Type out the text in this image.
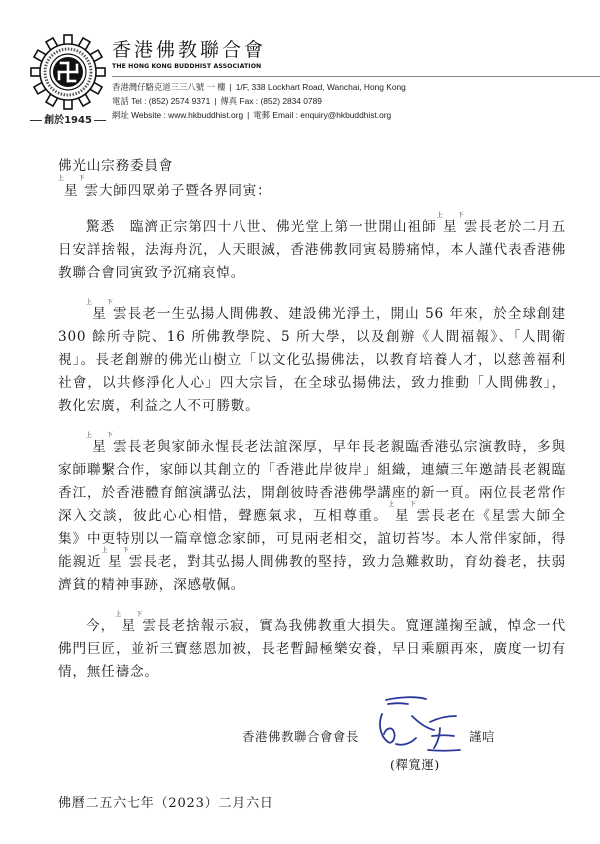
創於1945
香港佛教聯合會
THE HONG KONG BUDDHIST ASSOCIATION
香港灣仔駱克道三三八號 一 樓 | 1/F, 338 Lockhart Road, Wanchai, Hong Kong
電話 Tel : (852) 2574 9371 | 傳真 Fax : (852) 2834 0789
網址 Website : www.hkbuddhist.org | 電郵 Email : enquiry@hkbuddhist.org
佛光山宗務委員會
$^上$星$^下$雲大師四眾弟子暨各界同寅：

驚悉　臨濟正宗第四十八世、佛光堂上第一世開山祖師$^上$星$^下$雲長老於二月五日安詳捨報，法海舟沉，人天眼滅，香港佛教同寅曷勝痛悼，本人謹代表香港佛教聯合會同寅致予沉痛哀悼。

$^上$星$^下$雲長老一生弘揚人間佛教、建設佛光淨土，開山 56 年來，於全球創建 300 餘所寺院、16 所佛教學院、5 所大學，以及創辦《人間福報》、「人間衛視」。長老創辦的佛光山樹立「以文化弘揚佛法，以教育培養人才，以慈善福利社會，以共修淨化人心」四大宗旨，在全球弘揚佛法，致力推動「人間佛教」，教化宏廣，利益之人不可勝數。

$^上$星$^下$雲長老與家師永惺長老法誼深厚，早年長老親臨香港弘宗演教時，多與家師聯繫合作，家師以其創立的「香港此岸彼岸」組織，連續三年邀請長老親臨香江，於香港體育館演講弘法，開創彼時香港佛學講座的新一頁。兩位長老常作深入交談，彼此心心相惜，聲應氣求，互相尊重。$^上$星$^下$雲長老在《星雲大師全集》中更特別以一篇章憶念家師，可見兩老相交，誼切苔岑。本人常伴家師，得能親近$^上$星$^下$雲長老，對其弘揚人間佛教的堅持，致力急難救助，育幼養老，扶弱濟貧的精神事跡，深感敬佩。

今，$^上$星$^下$雲長老捨報示寂，實為我佛教重大損失。寬運謹掬至誠，悼念一代佛門巨匠，並祈三寶慈恩加被，長老暫歸極樂安養，早日乘願再來，廣度一切有情，無任禱念。

香港佛教聯合會會長	謹唁
(釋寬運)
佛曆二五六七年（2023）二月六日
